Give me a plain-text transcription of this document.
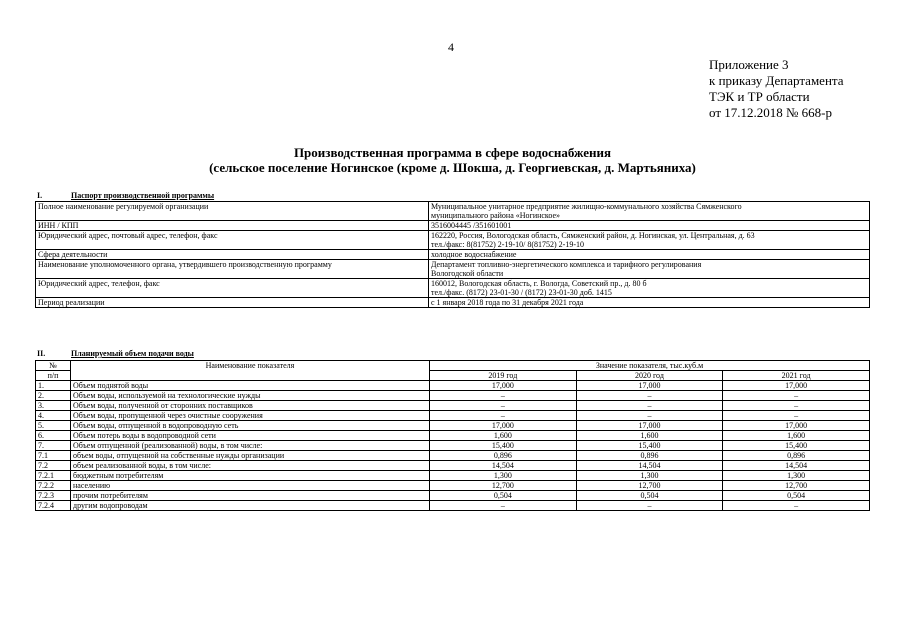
4
Приложение 3
к приказу Департамента
ТЭК и ТР области
от 17.12.2018 № 668-р
Производственная программа в сфере водоснабжения
(сельское поселение Ногинское (кроме д. Шокша, д. Георгиевская, д. Мартьяниха)
I.	Паспорт производственной программы
Полное наименование регулируемой организации	Муниципальное унитарное предприятие жилищно-коммунального хозяйства Сямженского
муниципального района «Ногинское»

ИНН / КПП	3516004445 /351601001

Юридический адрес, почтовый адрес, телефон, факс	162220, Россия, Вологодская область, Сямженский район, д. Ногинская, ул. Центральная, д. 63
тел./факс: 8(81752) 2-19-10/ 8(81752) 2-19-10

Сфера деятельности	холодное водоснабжение

Наименование уполномоченного органа, утвердившего производственную программу	Департамент топливно-энергетического комплекса и тарифного регулирования
Вологодской области

Юридический адрес, телефон, факс	160012, Вологодская область, г. Вологда, Советский пр., д. 80 б
тел./факс. (8172) 23-01-30 / (8172) 23-01-30 доб. 1415

Период реализации	с 1 января 2018 года по 31 декабря 2021 года
II.	Планируемый объем подачи воды
№	Наименование показателя	Значение показателя, тыс.куб.м		
п/п		2019 год	2020 год	2021 год
1.	Объем поднятой воды	17,000	17,000	17,000
2.	Объем воды, используемой на технологические нужды	–	–	–
3.	Объем воды, полученной от сторонних поставщиков	–	–	–
4.	Объем воды, пропущенной через очистные сооружения	–	–	–
5.	Объем воды, отпущенной в водопроводную сеть	17,000	17,000	17,000
6.	Объем потерь воды в водопроводной сети	1,600	1,600	1,600
7.	Объем отпущенной (реализованной) воды, в том числе:	15,400	15,400	15,400
7.1	объем воды, отпущенной на собственные нужды организации	0,896	0,896	0,896
7.2	объем реализованной воды, в том числе:	14,504	14,504	14,504
7.2.1	бюджетным потребителям	1,300	1,300	1,300
7.2.2	населению	12,700	12,700	12,700
7.2.3	прочим потребителям	0,504	0,504	0,504
7.2.4	другим водопроводам	–	–	–
